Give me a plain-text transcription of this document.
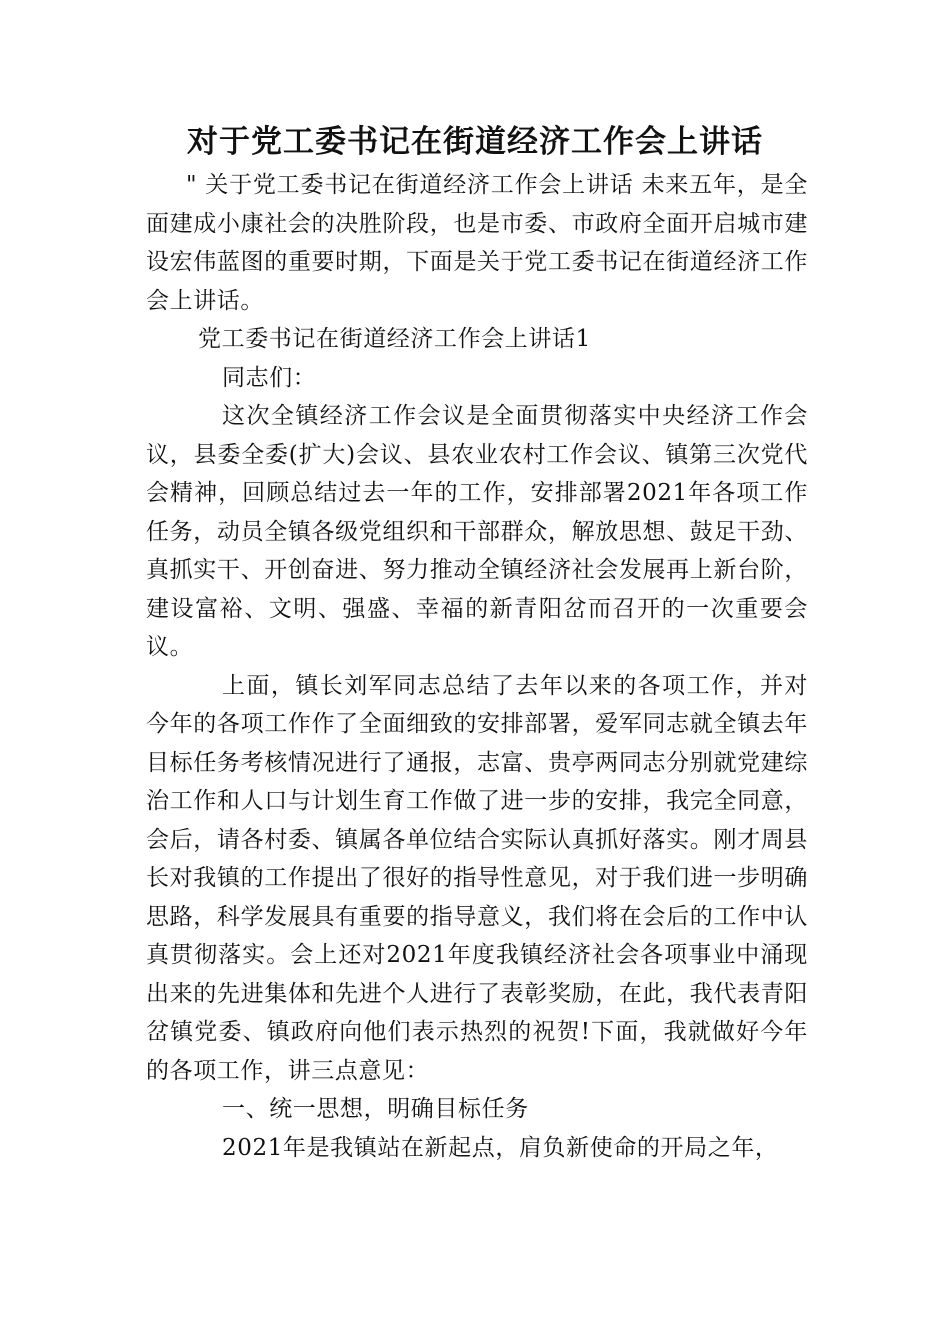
对于党工委书记在街道经济工作会上讲话

" 关于党工委书记在街道经济工作会上讲话 未来五年，是全面建成小康社会的决胜阶段，也是市委、市政府全面开启城市建设宏伟蓝图的重要时期，下面是关于党工委书记在街道经济工作会上讲话。

党工委书记在街道经济工作会上讲话1

同志们：

这次全镇经济工作会议是全面贯彻落实中央经济工作会议，县委全委(扩大)会议、县农业农村工作会议、镇第三次党代会精神，回顾总结过去一年的工作，安排部署2021年各项工作任务，动员全镇各级党组织和干部群众，解放思想、鼓足干劲、真抓实干、开创奋进、努力推动全镇经济社会发展再上新台阶，建设富裕、文明、强盛、幸福的新青阳岔而召开的一次重要会议。

上面，镇长刘军同志总结了去年以来的各项工作，并对今年的各项工作作了全面细致的安排部署，爱军同志就全镇去年目标任务考核情况进行了通报，志富、贵亭两同志分别就党建综治工作和人口与计划生育工作做了进一步的安排，我完全同意，会后，请各村委、镇属各单位结合实际认真抓好落实。刚才周县长对我镇的工作提出了很好的指导性意见，对于我们进一步明确思路，科学发展具有重要的指导意义，我们将在会后的工作中认真贯彻落实。会上还对2021年度我镇经济社会各项事业中涌现出来的先进集体和先进个人进行了表彰奖励，在此，我代表青阳岔镇党委、镇政府向他们表示热烈的祝贺!下面，我就做好今年的各项工作，讲三点意见：

一、统一思想，明确目标任务

2021年是我镇站在新起点，肩负新使命的开局之年，
